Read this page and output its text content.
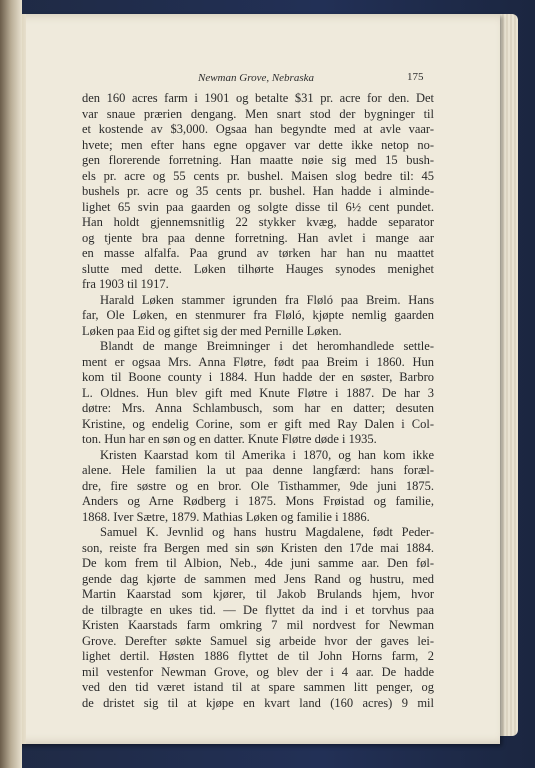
Newman Grove, Nebraska	175
den 160 acres farm i 1901 og betalte $31 pr. acre for den. Det
var snaue prærien dengang. Men snart stod der bygninger til
et kostende av $3,000. Ogsaa han begyndte med at avle vaar-
hvete; men efter hans egne opgaver var dette ikke netop no-
gen florerende forretning. Han maatte nøie sig med 15 bush-
els pr. acre og 55 cents pr. bushel. Maisen slog bedre til: 45
bushels pr. acre og 35 cents pr. bushel. Han hadde i alminde-
lighet 65 svin paa gaarden og solgte disse til 6½ cent pundet.
Han holdt gjennemsnitlig 22 stykker kvæg, hadde separator
og tjente bra paa denne forretning. Han avlet i mange aar
en masse alfalfa. Paa grund av tørken har han nu maattet
slutte med dette. Løken tilhørte Hauges synodes menighet
fra 1903 til 1917.
Harald Løken stammer igrunden fra Fløló paa Breim. Hans
far, Ole Løken, en stenmurer fra Fløló, kjøpte nemlig gaarden
Løken paa Eid og giftet sig der med Pernille Løken.
Blandt de mange Breimninger i det heromhandlede settle-
ment er ogsaa Mrs. Anna Fløtre, født paa Breim i 1860. Hun
kom til Boone county i 1884. Hun hadde der en søster, Barbro
L. Oldnes. Hun blev gift med Knute Fløtre i 1887. De har 3
døtre: Mrs. Anna Schlambusch, som har en datter; desuten
Kristine, og endelig Corine, som er gift med Ray Dalen i Col-
ton. Hun har en søn og en datter. Knute Fløtre døde i 1935.
Kristen Kaarstad kom til Amerika i 1870, og han kom ikke
alene. Hele familien la ut paa denne langfærd: hans foræl-
dre, fire søstre og en bror. Ole Tisthammer, 9de juni 1875.
Anders og Arne Rødberg i 1875. Mons Frøistad og familie,
1868. Iver Sætre, 1879. Mathias Løken og familie i 1886.
Samuel K. Jevnlid og hans hustru Magdalene, født Peder-
son, reiste fra Bergen med sin søn Kristen den 17de mai 1884.
De kom frem til Albion, Neb., 4de juni samme aar. Den føl-
gende dag kjørte de sammen med Jens Rand og hustru, med
Martin Kaarstad som kjører, til Jakob Brulands hjem, hvor
de tilbragte en ukes tid. — De flyttet da ind i et torvhus paa
Kristen Kaarstads farm omkring 7 mil nordvest for Newman
Grove. Derefter søkte Samuel sig arbeide hvor der gaves lei-
lighet dertil. Høsten 1886 flyttet de til John Horns farm, 2
mil vestenfor Newman Grove, og blev der i 4 aar. De hadde
ved den tid været istand til at spare sammen litt penger, og
de dristet sig til at kjøpe en kvart land (160 acres) 9 mil
